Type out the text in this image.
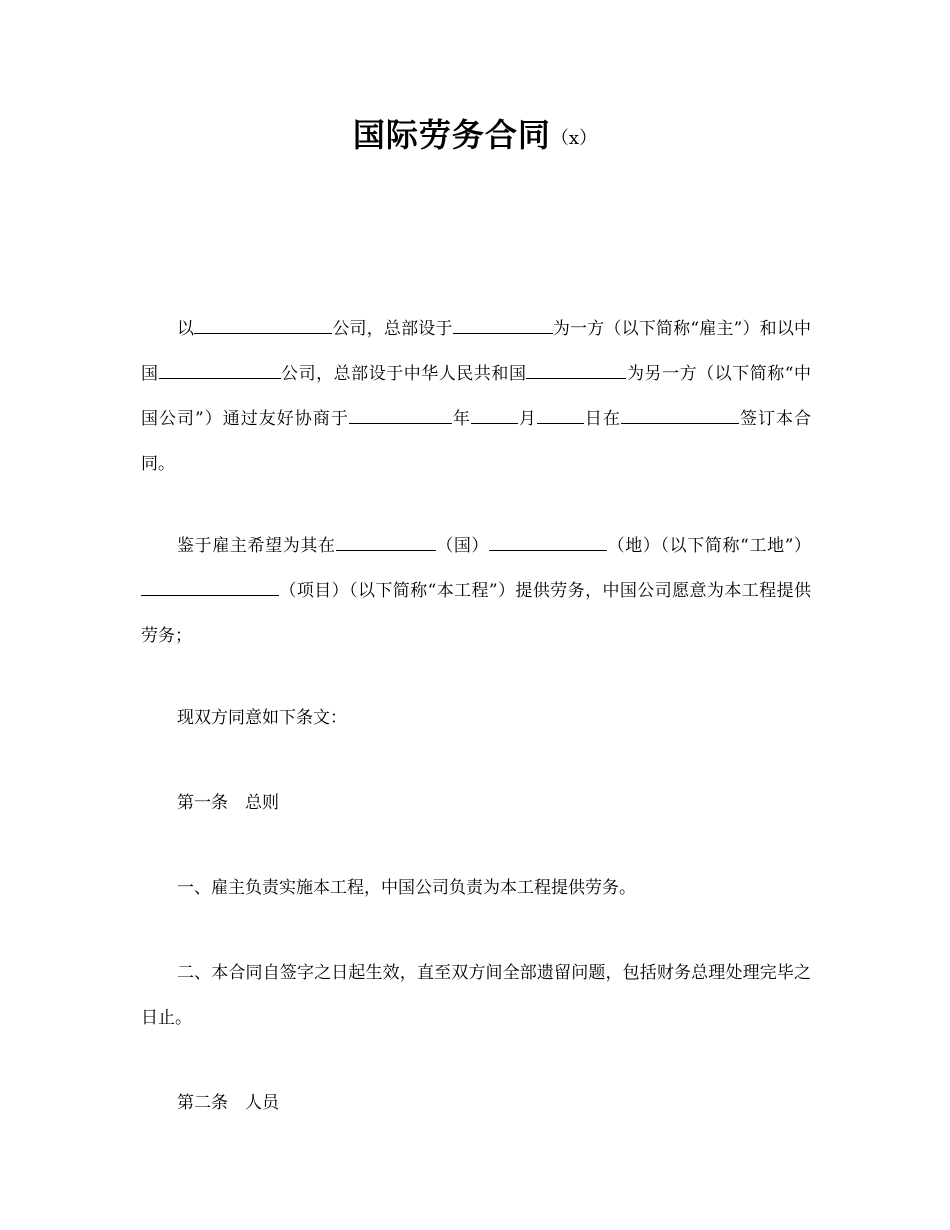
国际劳务合同（x）

以	公司，总部设于	为一方（以下简称“雇主”）和以中国	公司，总部设于中华人民共和国	为另一方（以下简称“中国公司”）通过友好协商于	年	月	日在	签订本合同。

鉴于雇主希望为其在	（国）	（地）（以下简称“工地”）（项目）（以下简称“本工程”）提供劳务，中国公司愿意为本工程提供劳务；

现双方同意如下条文：

第一条　总则

一、雇主负责实施本工程，中国公司负责为本工程提供劳务。

二、本合同自签字之日起生效，直至双方间全部遗留问题，包括财务总理处理完毕之日止。

第二条　人员
